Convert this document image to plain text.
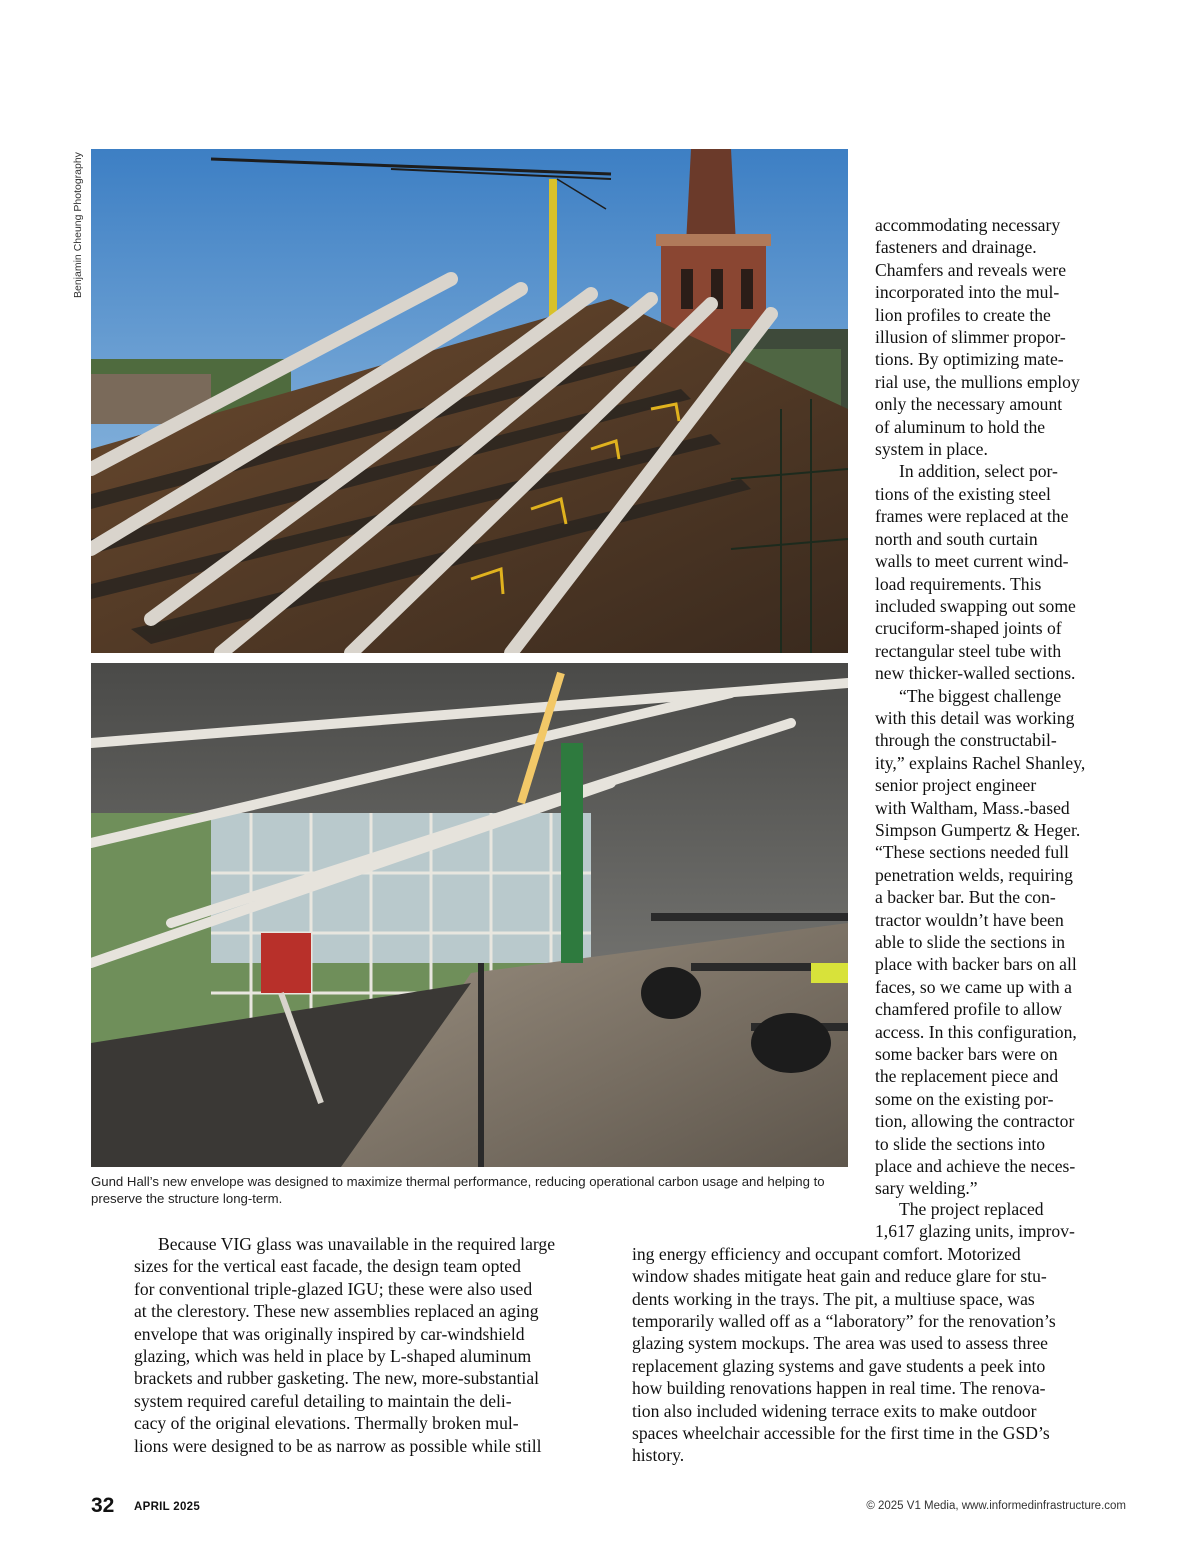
Benjamin Cheung Photography
Gund Hall’s new envelope was designed to maximize thermal performance, reducing operational carbon usage and helping to preserve the structure long-term.
accommodating necessary
fasteners and drainage.
Chamfers and reveals were
incorporated into the mul-
lion profiles to create the
illusion of slimmer propor-
tions. By optimizing mate-
rial use, the mullions employ
only the necessary amount
of aluminum to hold the
system in place.
In addition, select por-
tions of the existing steel
frames were replaced at the
north and south curtain
walls to meet current wind-
load requirements. This
included swapping out some
cruciform-shaped joints of
rectangular steel tube with
new thicker-walled sections.
“The biggest challenge
with this detail was working
through the constructabil-
ity,” explains Rachel Shanley,
senior project engineer
with Waltham, Mass.-based
Simpson Gumpertz & Heger.
“These sections needed full
penetration welds, requiring
a backer bar. But the con-
tractor wouldn’t have been
able to slide the sections in
place with backer bars on all
faces, so we came up with a
chamfered profile to allow
access. In this configuration,
some backer bars were on
the replacement piece and
some on the existing por-
tion, allowing the contractor
to slide the sections into
place and achieve the neces-
sary welding.”
Because VIG glass was unavailable in the required large
sizes for the vertical east facade, the design team opted
for conventional triple-glazed IGU; these were also used
at the clerestory. These new assemblies replaced an aging
envelope that was originally inspired by car-windshield
glazing, which was held in place by L-shaped aluminum
brackets and rubber gasketing. The new, more-substantial
system required careful detailing to maintain the deli-
cacy of the original elevations. Thermally broken mul-
lions were designed to be as narrow as possible while still
The project replaced
1,617 glazing units, improv-
ing energy efficiency and occupant comfort. Motorized
window shades mitigate heat gain and reduce glare for stu-
dents working in the trays. The pit, a multiuse space, was
temporarily walled off as a “laboratory” for the renovation’s
glazing system mockups. The area was used to assess three
replacement glazing systems and gave students a peek into
how building renovations happen in real time. The renova-
tion also included widening terrace exits to make outdoor
spaces wheelchair accessible for the first time in the GSD’s
history.
32 APRIL 2025	© 2025 V1 Media, www.informedinfrastructure.com
